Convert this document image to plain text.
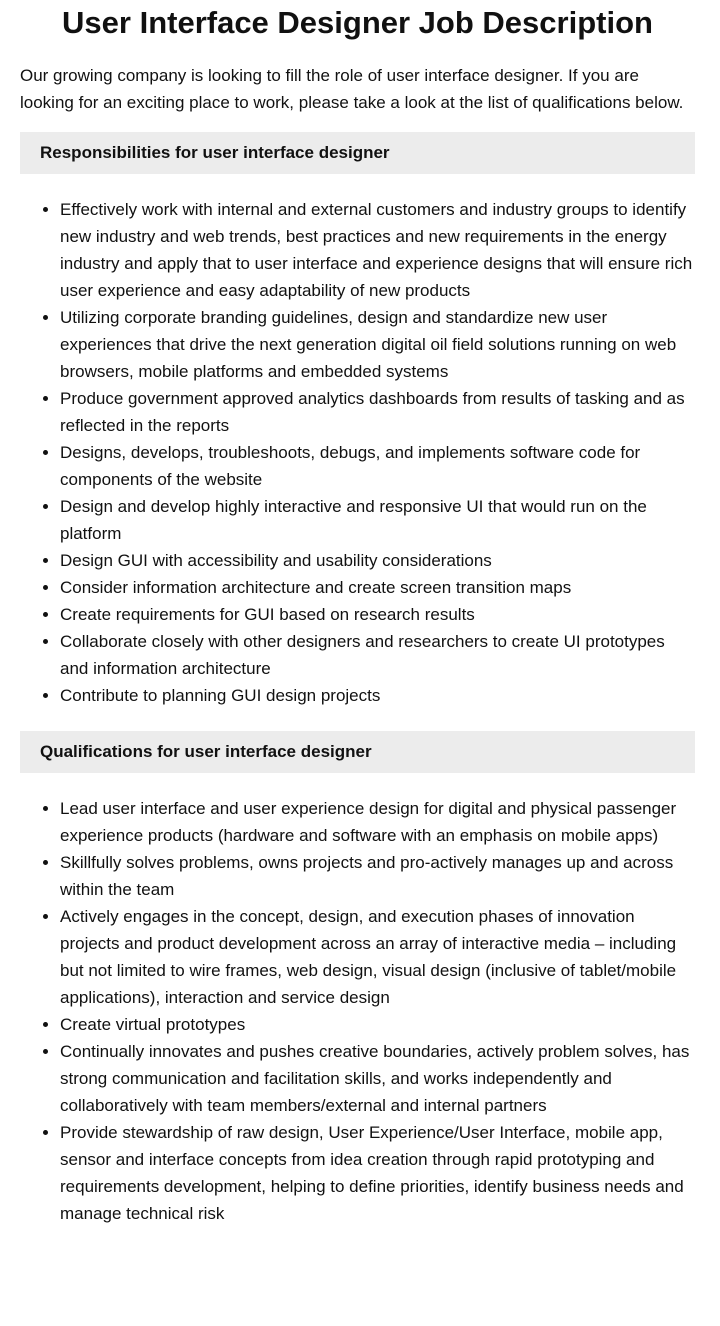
User Interface Designer Job Description

Our growing company is looking to fill the role of user interface designer. If you are looking for an exciting place to work, please take a look at the list of qualifications below.

Responsibilities for user interface designer
• Effectively work with internal and external customers and industry groups to identify new industry and web trends, best practices and new requirements in the energy industry and apply that to user interface and experience designs that will ensure rich user experience and easy adaptability of new products
• Utilizing corporate branding guidelines, design and standardize new user experiences that drive the next generation digital oil field solutions running on web browsers, mobile platforms and embedded systems
• Produce government approved analytics dashboards from results of tasking and as reflected in the reports
• Designs, develops, troubleshoots, debugs, and implements software code for components of the website
• Design and develop highly interactive and responsive UI that would run on the platform
• Design GUI with accessibility and usability considerations
• Consider information architecture and create screen transition maps
• Create requirements for GUI based on research results
• Collaborate closely with other designers and researchers to create UI prototypes and information architecture
• Contribute to planning GUI design projects
Qualifications for user interface designer
• Lead user interface and user experience design for digital and physical passenger experience products (hardware and software with an emphasis on mobile apps)
• Skillfully solves problems, owns projects and pro-actively manages up and across within the team
• Actively engages in the concept, design, and execution phases of innovation projects and product development across an array of interactive media – including but not limited to wire frames, web design, visual design (inclusive of tablet/mobile applications), interaction and service design
• Create virtual prototypes
• Continually innovates and pushes creative boundaries, actively problem solves, has strong communication and facilitation skills, and works independently and collaboratively with team members/external and internal partners
• Provide stewardship of raw design, User Experience/User Interface, mobile app, sensor and interface concepts from idea creation through rapid prototyping and requirements development, helping to define priorities, identify business needs and manage technical risk
